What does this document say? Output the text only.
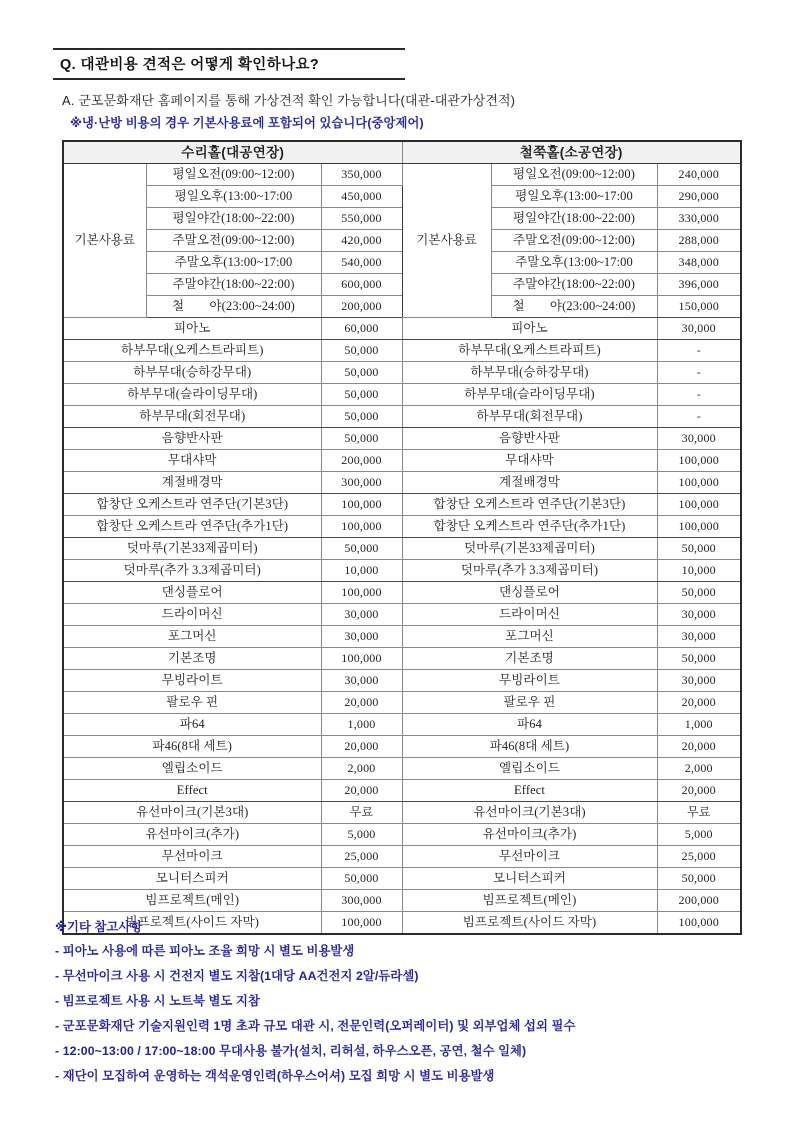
Q. 대관비용 견적은 어떻게 확인하나요?
A. 군포문화재단 홈페이지를 통해 가상견적 확인 가능합니다(대관-대관가상견적)
※냉·난방 비용의 경우 기본사용료에 포함되어 있습니다(중앙제어)
수리홀(대공연장)			철쭉홀(소공연장)		
기본사용료	평일오전(09:00~12:00)	350,000	기본사용료	평일오전(09:00~12:00)	240,000
	평일오후(13:00~17:00	450,000		평일오후(13:00~17:00	290,000
	평일야간(18:00~22:00)	550,000		평일야간(18:00~22:00)	330,000
	주말오전(09:00~12:00)	420,000		주말오전(09:00~12:00)	288,000
	주말오후(13:00~17:00	540,000		주말오후(13:00~17:00	348,000
	주말야간(18:00~22:00)	600,000		주말야간(18:00~22:00)	396,000
	철　　야(23:00~24:00)	200,000		철　　야(23:00~24:00)	150,000
피아노		60,000	피아노		30,000
하부무대(오케스트라피트)		50,000	하부무대(오케스트라피트)		-
하부무대(승하강무대)		50,000	하부무대(승하강무대)		-
하부무대(슬라이딩무대)		50,000	하부무대(슬라이딩무대)		-
하부무대(회전무대)		50,000	하부무대(회전무대)		-
음향반사판		50,000	음향반사판		30,000
무대샤막		200,000	무대샤막		100,000
계절배경막		300,000	계절배경막		100,000
합창단 오케스트라 연주단(기본3단)		100,000	합창단 오케스트라 연주단(기본3단)		100,000
합창단 오케스트라 연주단(추가1단)		100,000	합창단 오케스트라 연주단(추가1단)		100,000
덧마루(기본33제곱미터)		50,000	덧마루(기본33제곱미터)		50,000
덧마루(추가 3.3제곱미터)		10,000	덧마루(추가 3.3제곱미터)		10,000
댄싱플로어		100,000	댄싱플로어		50,000
드라이머신		30,000	드라이머신		30,000
포그머신		30,000	포그머신		30,000
기본조명		100,000	기본조명		50,000
무빙라이트		30,000	무빙라이트		30,000
팔로우 핀		20,000	팔로우 핀		20,000
파64		1,000	파64		1,000
파46(8대 세트)		20,000	파46(8대 세트)		20,000
엘립소이드		2,000	엘립소이드		2,000
Effect		20,000	Effect		20,000
유선마이크(기본3대)		무료	유선마이크(기본3대)		무료
유선마이크(추가)		5,000	유선마이크(추가)		5,000
무선마이크		25,000	무선마이크		25,000
모니터스피커		50,000	모니터스피커		50,000
빔프로젝트(메인)		300,000	빔프로젝트(메인)		200,000
빔프로젝트(사이드 자막)		100,000	빔프로젝트(사이드 자막)		100,000
※기타 참고사항
- 피아노 사용에 따른 피아노 조율 희망 시 별도 비용발생
- 무선마이크 사용 시 건전지 별도 지참(1대당 AA건전지 2알/듀라셀)
- 빔프로젝트 사용 시 노트북 별도 지참
- 군포문화재단 기술지원인력 1명 초과 규모 대관 시, 전문인력(오퍼레이터) 및 외부업체 섭외 필수
- 12:00~13:00 / 17:00~18:00 무대사용 불가(설치, 리허설, 하우스오픈, 공연, 철수 일체)
- 재단이 모집하여 운영하는 객석운영인력(하우스어셔) 모집 희망 시 별도 비용발생
